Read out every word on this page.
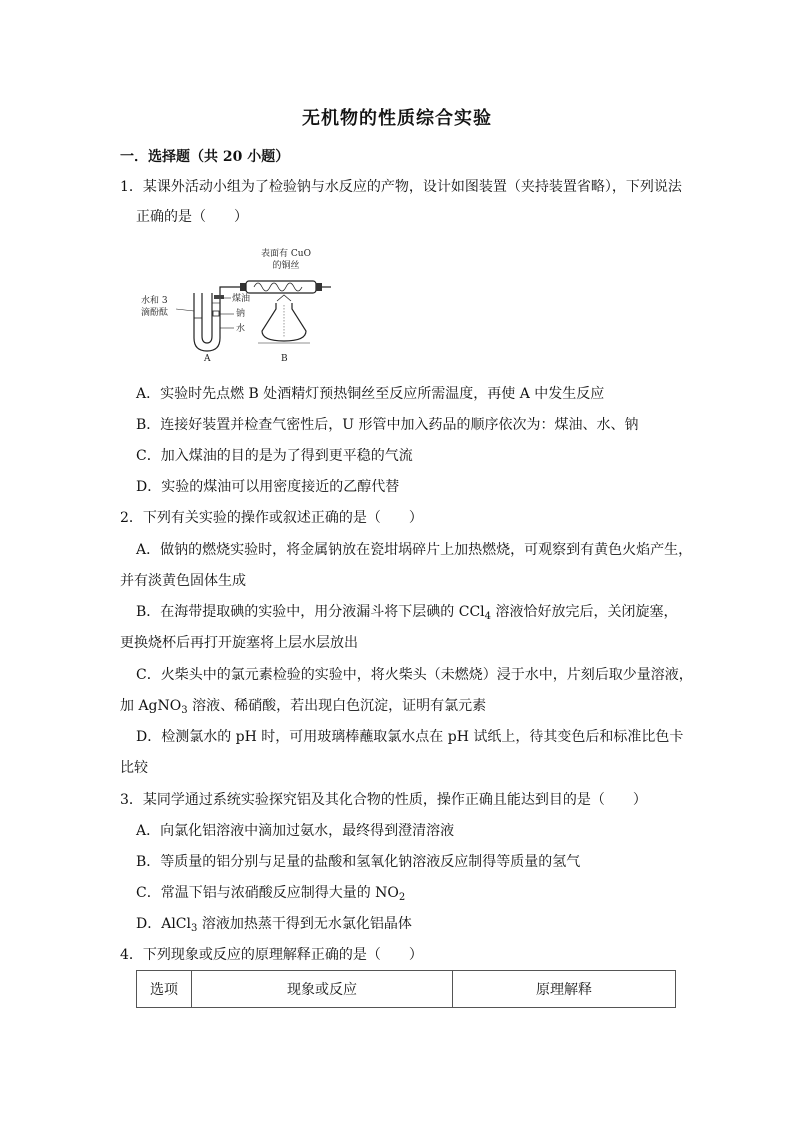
无机物的性质综合实验
一．选择题（共 20 小题）
1．某课外活动小组为了检验钠与水反应的产物，设计如图装置（夹持装置省略），下列说法
正确的是（　　）
表面有 CuO
的铜丝
水和 3
滴酚酞
煤油
钠
水
A	B
A．实验时先点燃 B 处酒精灯预热铜丝至反应所需温度，再使 A 中发生反应
B．连接好装置并检查气密性后，U 形管中加入药品的顺序依次为：煤油、水、钠
C．加入煤油的目的是为了得到更平稳的气流
D．实验的煤油可以用密度接近的乙醇代替
2．下列有关实验的操作或叙述正确的是（　　）
A．做钠的燃烧实验时，将金属钠放在瓷坩埚碎片上加热燃烧，可观察到有黄色火焰产生，
并有淡黄色固体生成
B．在海带提取碘的实验中，用分液漏斗将下层碘的 CCl$_4$ 溶液恰好放完后，关闭旋塞，
更换烧杯后再打开旋塞将上层水层放出
C．火柴头中的氯元素检验的实验中，将火柴头（未燃烧）浸于水中，片刻后取少量溶液，
加 AgNO$_3$ 溶液、稀硝酸，若出现白色沉淀，证明有氯元素
D．检测氯水的 pH 时，可用玻璃棒蘸取氯水点在 pH 试纸上，待其变色后和标准比色卡
比较
3．某同学通过系统实验探究铝及其化合物的性质，操作正确且能达到目的是（　　）
A．向氯化铝溶液中滴加过氨水，最终得到澄清溶液
B．等质量的铝分别与足量的盐酸和氢氧化钠溶液反应制得等质量的氢气
C．常温下铝与浓硝酸反应制得大量的 $NO_2$
D．AlCl$_3$ 溶液加热蒸干得到无水氯化铝晶体
4．下列现象或反应的原理解释正确的是（　　）
选项	现象或反应	原理解释
